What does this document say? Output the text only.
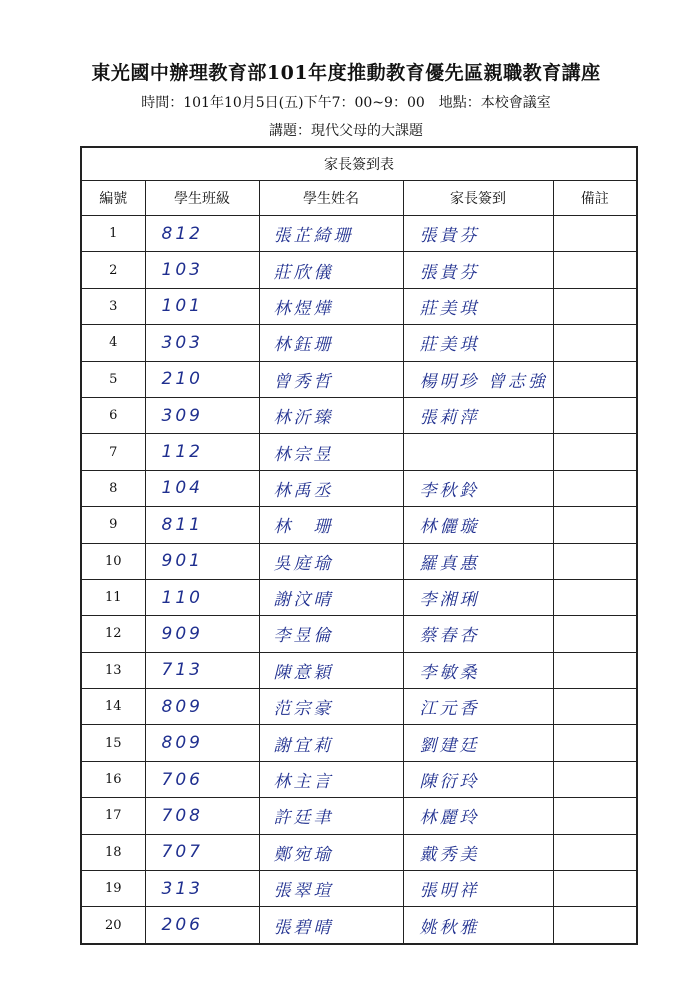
東光國中辦理教育部101年度推動教育優先區親職教育講座
時間：101年10月5日(五)下午7：00~9：00　地點：本校會議室
講題：現代父母的大課題
家長簽到表				
編號	學生班級	學生姓名	家長簽到	備註
1	812	張芷綺珊	張貴芬	
2	103	莊欣儀	張貴芬	
3	101	林煜燁	莊美琪	
4	303	林鈺珊	莊美琪	
5	210	曾秀哲	楊明珍 曾志強	
6	309	林沂臻	張莉萍	
7	112	林宗昱		
8	104	林禹丞	李秋鈴	
9	811	林　珊	林儷璇	
10	901	吳庭瑜	羅真惠	
11	110	謝汶晴	李湘琍	
12	909	李昱倫	蔡春杏	
13	713	陳意穎	李敏桑	
14	809	范宗豪	江元香	
15	809	謝宜莉	劉建廷	
16	706	林主言	陳衍玲	
17	708	許廷聿	林麗玲	
18	707	鄭宛瑜	戴秀美	
19	313	張翠瑄	張明祥	
20	206	張碧晴	姚秋雅	
